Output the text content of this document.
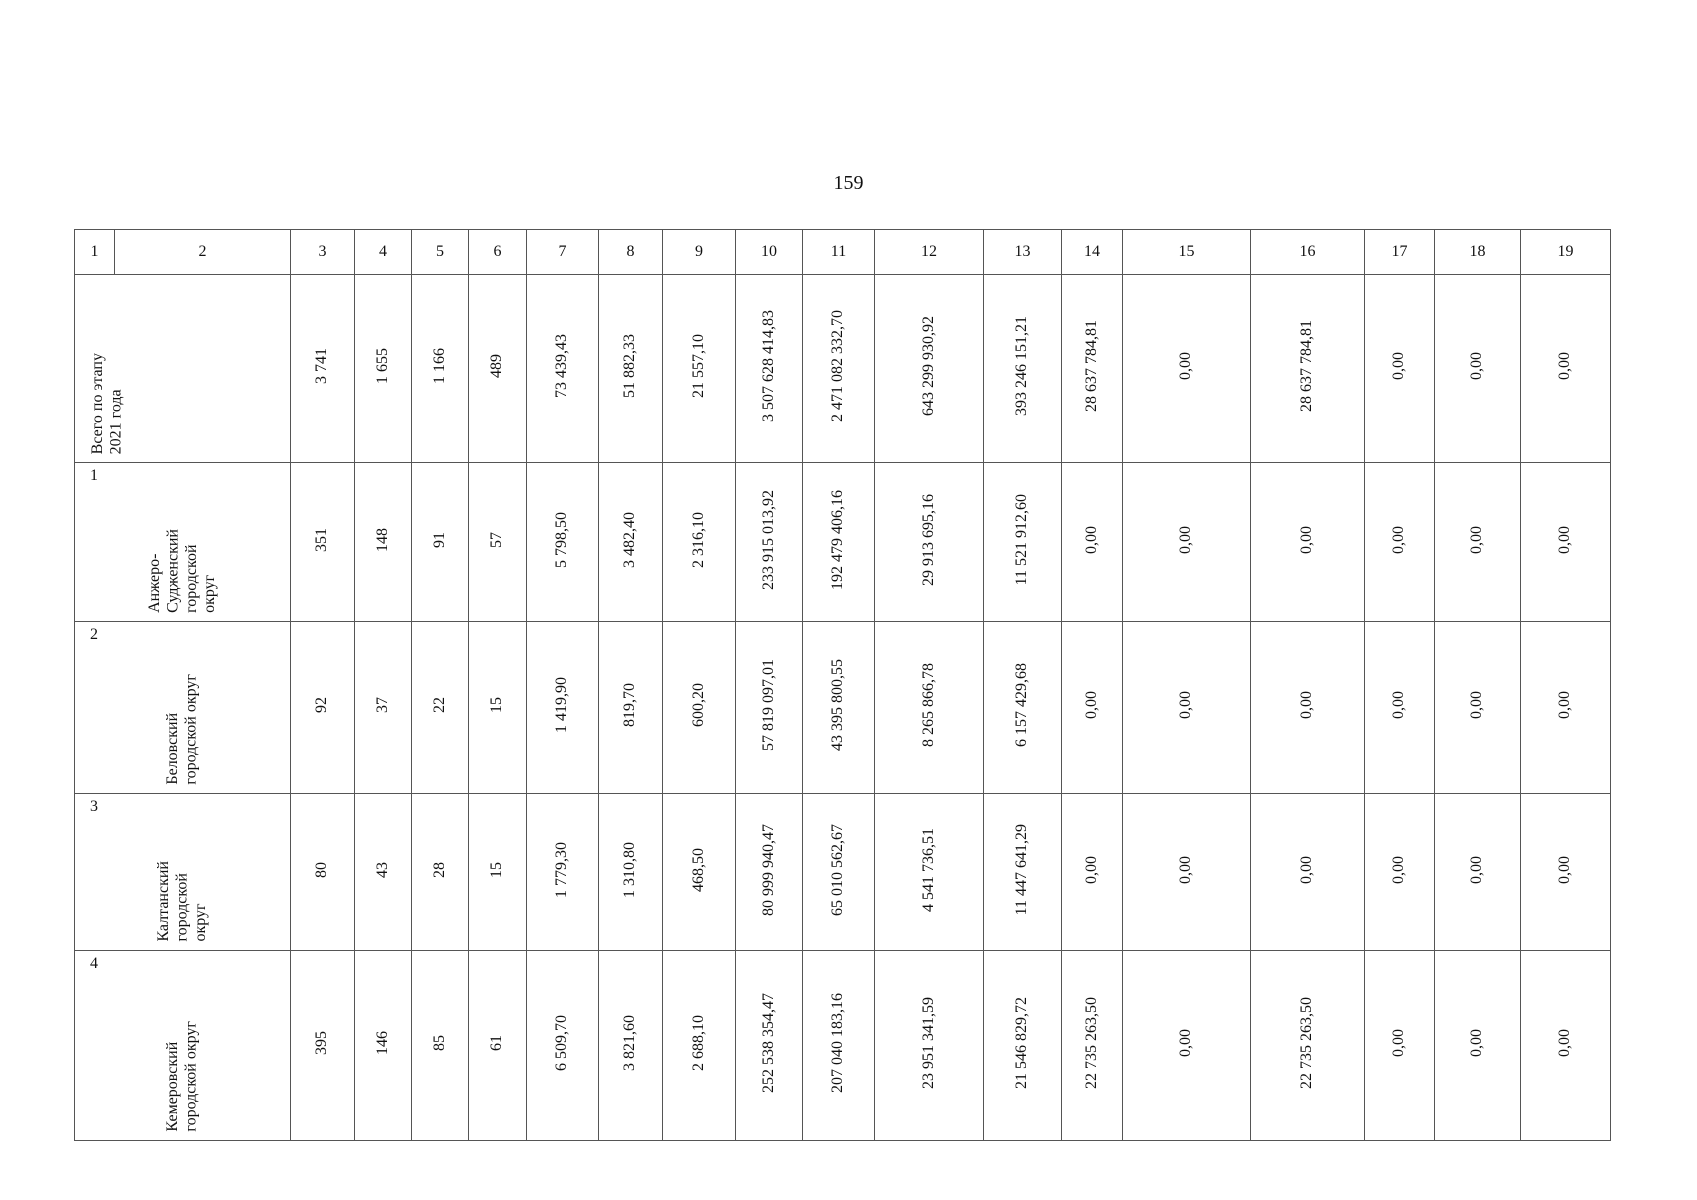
159
1	2	3	4	5	6	7	8	9	10	11	12	13	14	15	16	17	18	19

Всего по этапу
2021 года		3 741	1 655	1 166	489	73 439,43	51 882,33	21 557,10	3 507 628 414,83	2 471 082 332,70	643 299 930,92	393 246 151,21	28 637 784,81	0,00	28 637 784,81	0,00	0,00	0,00

1
Анжеро-
Судженский
городской
округ		351	148	91	57	5 798,50	3 482,40	2 316,10	233 915 013,92	192 479 406,16	29 913 695,16	11 521 912,60	0,00	0,00	0,00	0,00	0,00	0,00

2
Беловский
городской округ		92	37	22	15	1 419,90	819,70	600,20	57 819 097,01	43 395 800,55	8 265 866,78	6 157 429,68	0,00	0,00	0,00	0,00	0,00	0,00

3
Калтанский
городской
округ		80	43	28	15	1 779,30	1 310,80	468,50	80 999 940,47	65 010 562,67	4 541 736,51	11 447 641,29	0,00	0,00	0,00	0,00	0,00	0,00

4
Кемеровский
городской округ		395	146	85	61	6 509,70	3 821,60	2 688,10	252 538 354,47	207 040 183,16	23 951 341,59	21 546 829,72	22 735 263,50	0,00	22 735 263,50	0,00	0,00	0,00
